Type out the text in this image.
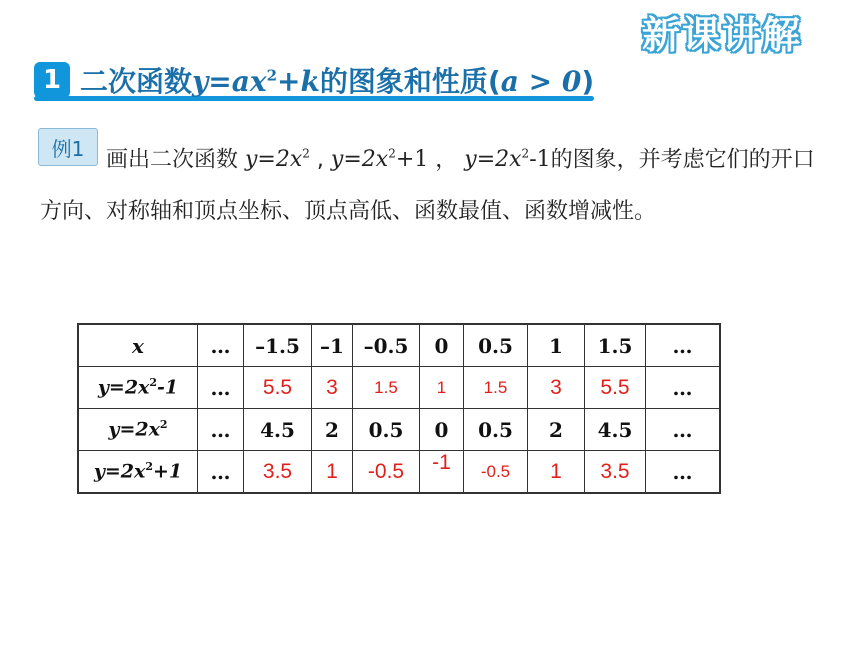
新课讲解
1 二次函数$y=ax^2+k$的图象和性质(a > 0)
例1 画出二次函数 $y=2x^2$ , $y=2x^2+1$ ， $y=2x^2-1$的图象，并考虑它们的开口方向、对称轴和顶点坐标、顶点高低、函数最值、函数增减性。
x	…	–1.5	–1	–0.5	0	0.5	1	1.5	…
$y=2x^2-1$	…	5.5	3	1.5	1	1.5	3	5.5	…
$y=2x^2$	…	4.5	2	0.5	0	0.5	2	4.5	…
$y=2x^2+1$	…	3.5	1	-0.5	-1	-0.5	1	3.5	…
